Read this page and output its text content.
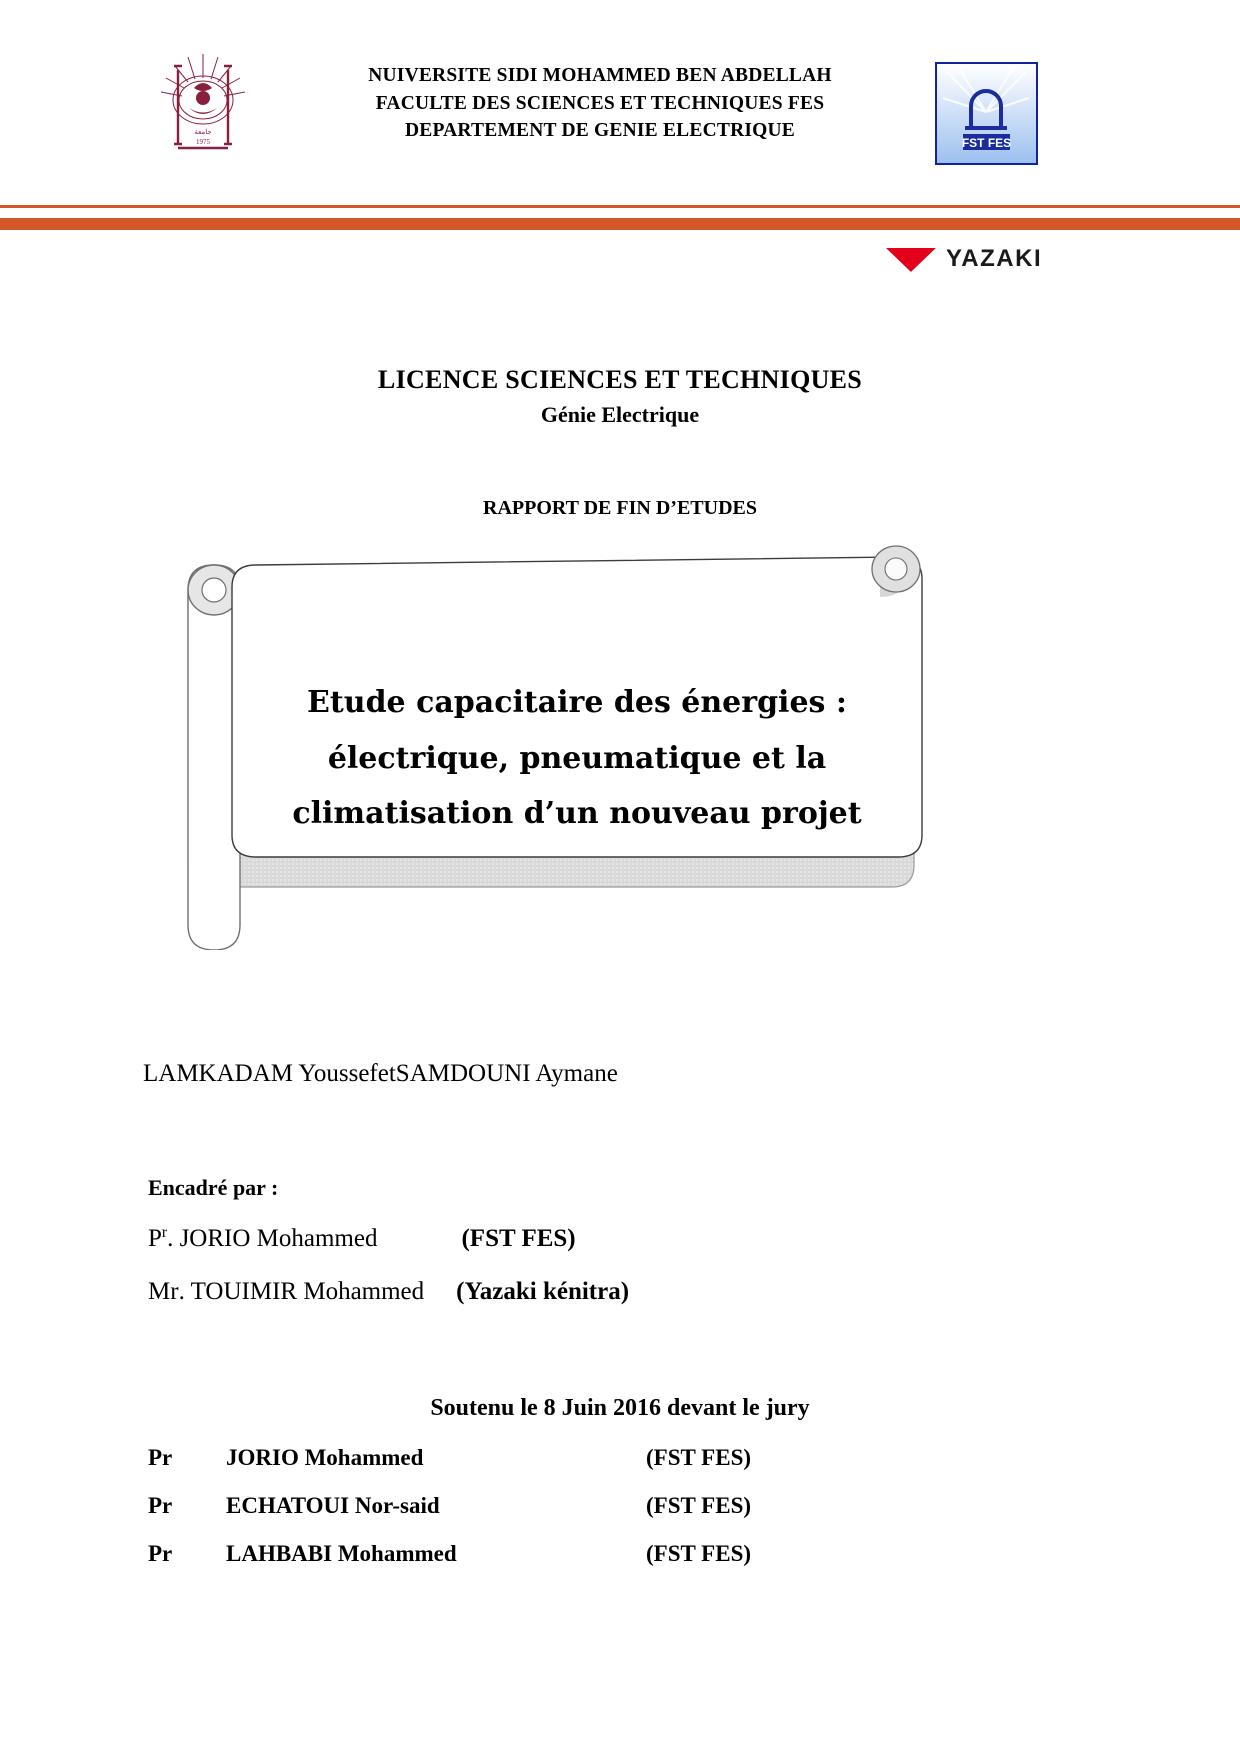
جامعة
1975
NUIVERSITE SIDI MOHAMMED BEN ABDELLAH
FACULTE DES SCIENCES ET TECHNIQUES FES
DEPARTEMENT DE GENIE ELECTRIQUE
FST FES
YAZAKI
LICENCE SCIENCES ET TECHNIQUES
Génie Electrique
RAPPORT DE FIN D’ETUDES
Etude capacitaire des énergies :
électrique, pneumatique et la
climatisation d’un nouveau projet
LAMKADAM YoussefetSAMDOUNI Aymane
Encadré par :
$P^r$. JORIO Mohammed	(FST FES)
Mr. TOUIMIR Mohammed (Yazaki kénitra)
Soutenu le 8 Juin 2016 devant le jury
Pr	JORIO Mohammed	(FST FES)
Pr	ECHATOUI Nor-said	(FST FES)
Pr	LAHBABI Mohammed	(FST FES)
